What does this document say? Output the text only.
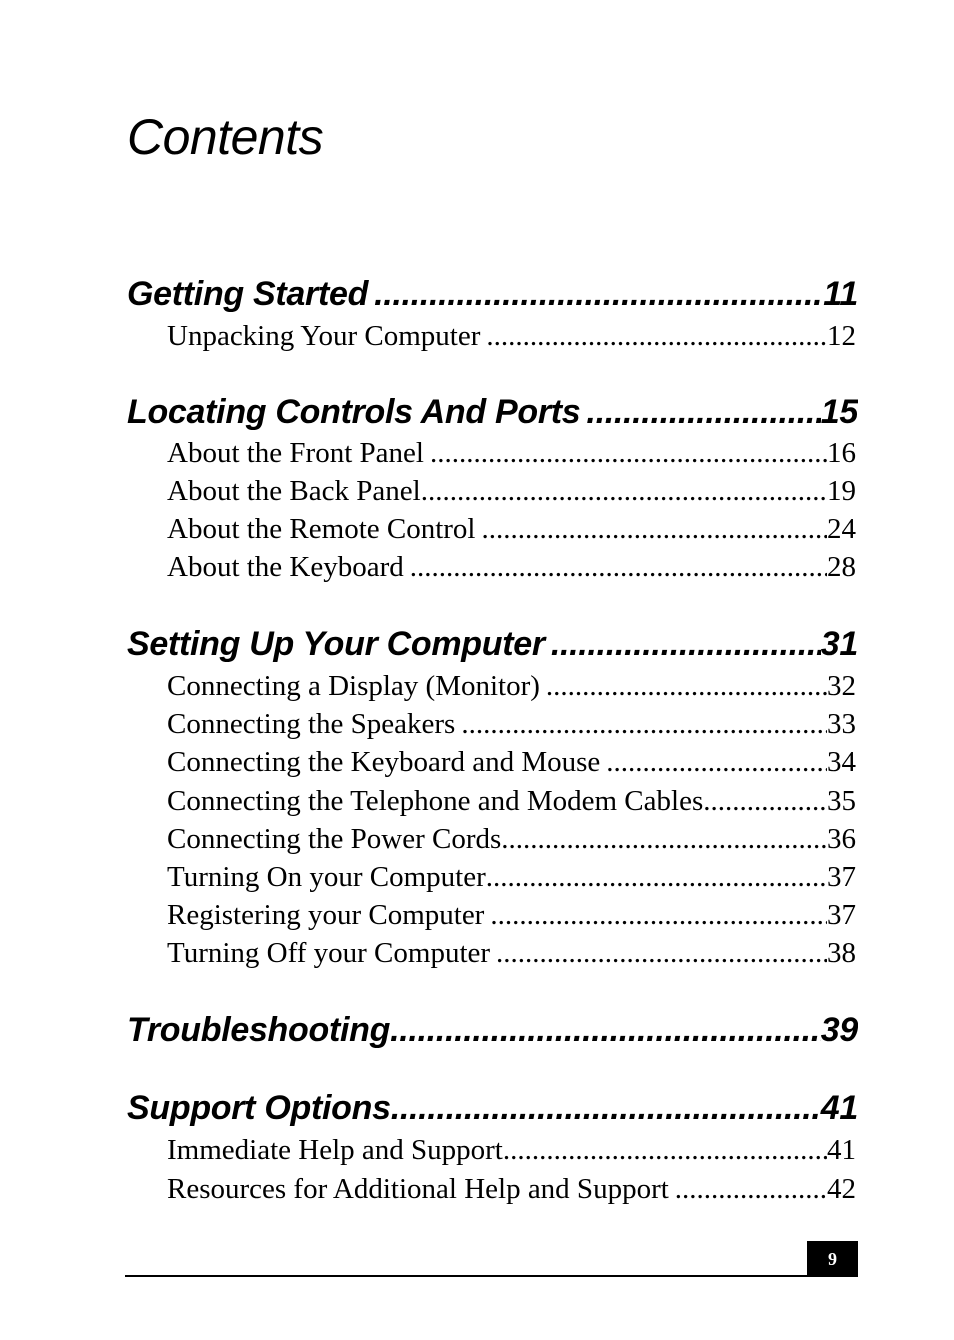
Contents
Getting Started .....	11
Unpacking Your Computer .....	12
Locating Controls And Ports .....	15
About the Front Panel .....	16
About the Back Panel .....	19
About the Remote Control .....	24
About the Keyboard .....	28
Setting Up Your Computer .....	31
Connecting a Display (Monitor) .....	32
Connecting the Speakers .....	33
Connecting the Keyboard and Mouse .....	34
Connecting the Telephone and Modem Cables .....	35
Connecting the Power Cords .....	36
Turning On your Computer .....	37
Registering your Computer .....	37
Turning Off your Computer .....	38
Troubleshooting .....	39
Support Options .....	41
Immediate Help and Support .....	41
Resources for Additional Help and Support .....	42
9
